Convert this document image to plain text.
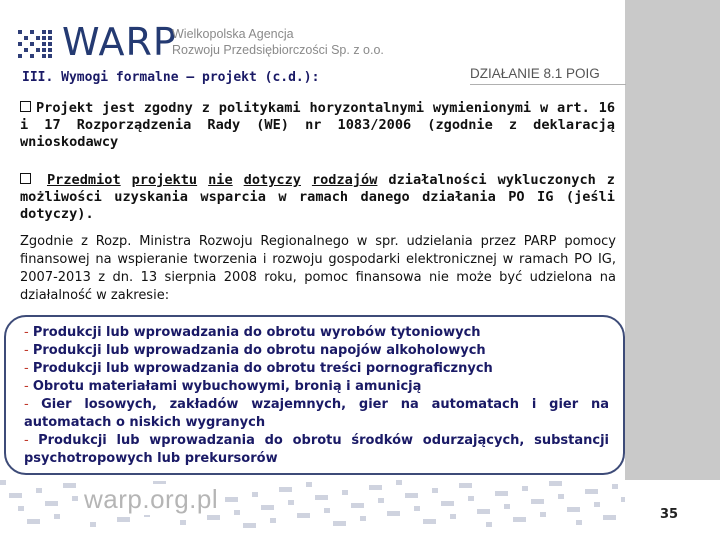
WARP
Wielkopolska Agencja
Rozwoju Przedsiębiorczości Sp. z o.o.
III. Wymogi formalne – projekt (c.d.):	DZIAŁANIE 8.1 POIG
Projekt jest zgodny z politykami horyzontalnymi wymienionymi w art. 16 i 17 Rozporządzenia Rady (WE) nr 1083/2006 (zgodnie z deklaracją wnioskodawcy
Przedmiot projektu nie dotyczy rodzajów działalności wykluczonych z możliwości uzyskania wsparcia w ramach danego działania PO IG (jeśli dotyczy).
Zgodnie z Rozp. Ministra Rozwoju Regionalnego w spr. udzielania przez PARP pomocy finansowej na wspieranie tworzenia i rozwoju gospodarki elektronicznej w ramach PO IG, 2007-2013 z dn. 13 sierpnia 2008 roku, pomoc finansowa nie może być udzielona na działalność w zakresie:
- Produkcji lub wprowadzania do obrotu wyrobów tytoniowych
- Produkcji lub wprowadzania do obrotu napojów alkoholowych
- Produkcji lub wprowadzania do obrotu treści pornograficznych
- Obrotu materiałami wybuchowymi, bronią i amunicją
- Gier losowych, zakładów wzajemnych, gier na automatach i gier na automatach o niskich wygranych
- Produkcji lub wprowadzania do obrotu środków odurzających, substancji psychotropowych lub prekursorów
warp.org.pl
35
